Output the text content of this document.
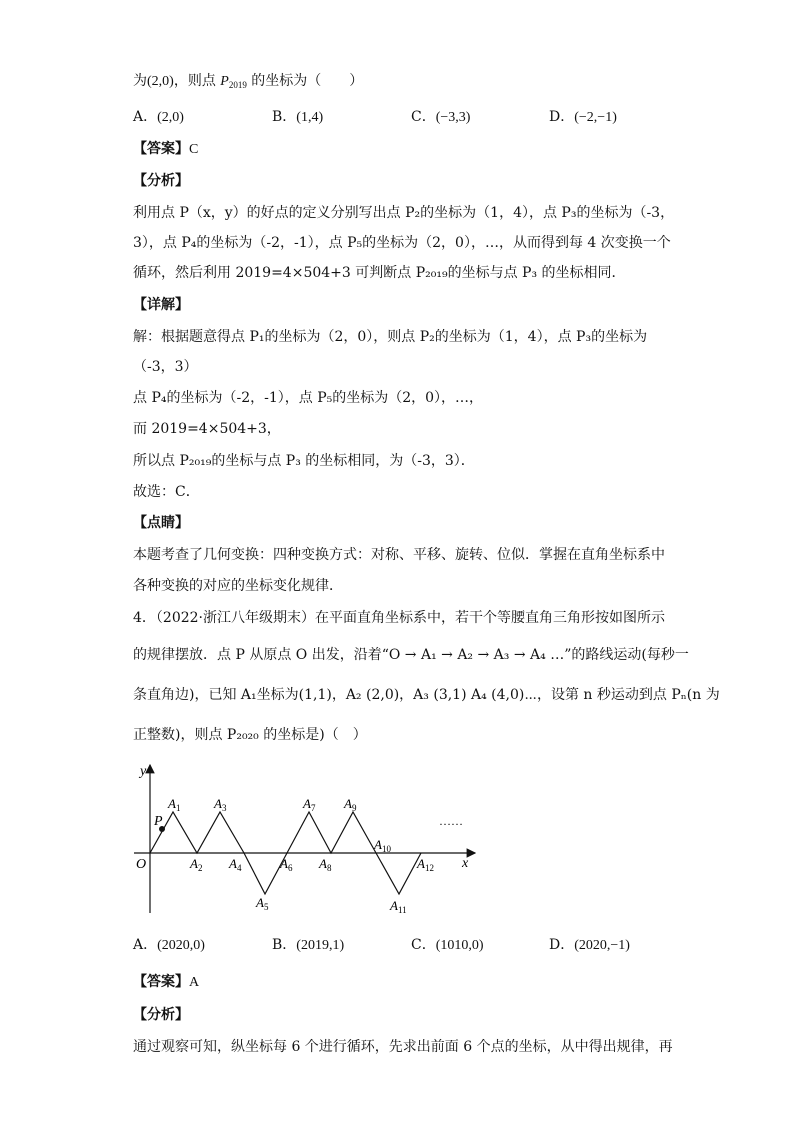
为(2,0)，则点 $P_{2019}$ 的坐标为（　　）
A．(2,0)	B．(1,4)	C．(−3,3)	D．(−2,−1)
【答案】C
【分析】
利用点 P（x，y）的好点的定义分别写出点 P₂的坐标为（1，4），点 P₃的坐标为（-3，
3），点 P₄的坐标为（-2，-1），点 P₅的坐标为（2，0），…，从而得到每 4 次变换一个
循环，然后利用 2019=4×504+3 可判断点 P₂₀₁₉的坐标与点 P₃ 的坐标相同．
【详解】
解：根据题意得点 P₁的坐标为（2，0），则点 P₂的坐标为（1，4），点 P₃的坐标为
（-3，3）
点 P₄的坐标为（-2，-1），点 P₅的坐标为（2，0），…，
而 2019=4×504+3，
所以点 P₂₀₁₉的坐标与点 P₃ 的坐标相同，为（-3，3）．
故选：C．
【点睛】
本题考查了几何变换：四种变换方式：对称、平移、旋转、位似．掌握在直角坐标系中
各种变换的对应的坐标变化规律．
4．（2022·浙江八年级期末）在平面直角坐标系中，若干个等腰直角三角形按如图所示
的规律摆放．点 P 从原点 O 出发，沿着“O → A₁ → A₂ → A₃ → A₄ …”的路线运动(每秒一
条直角边)，已知 A₁坐标为(1,1)，A₂ (2,0)，A₃ (3,1) A₄ (4,0)⋯，设第 n 秒运动到点 Pₙ(n 为
正整数)，则点 P₂₀₂₀ 的坐标是)（　）
y
x
O
P	……
$A_1$
$A_2$
$A_3$
$A_4$
$A_5$
$A_6$
$A_7$
$A_8$
$A_9$
$A_{10}$
$A_{11}$
$A_{12}$
A．(2020,0)	B．(2019,1)	C．(1010,0)	D．(2020,−1)
【答案】A
【分析】
通过观察可知，纵坐标每 6 个进行循环，先求出前面 6 个点的坐标，从中得出规律，再
